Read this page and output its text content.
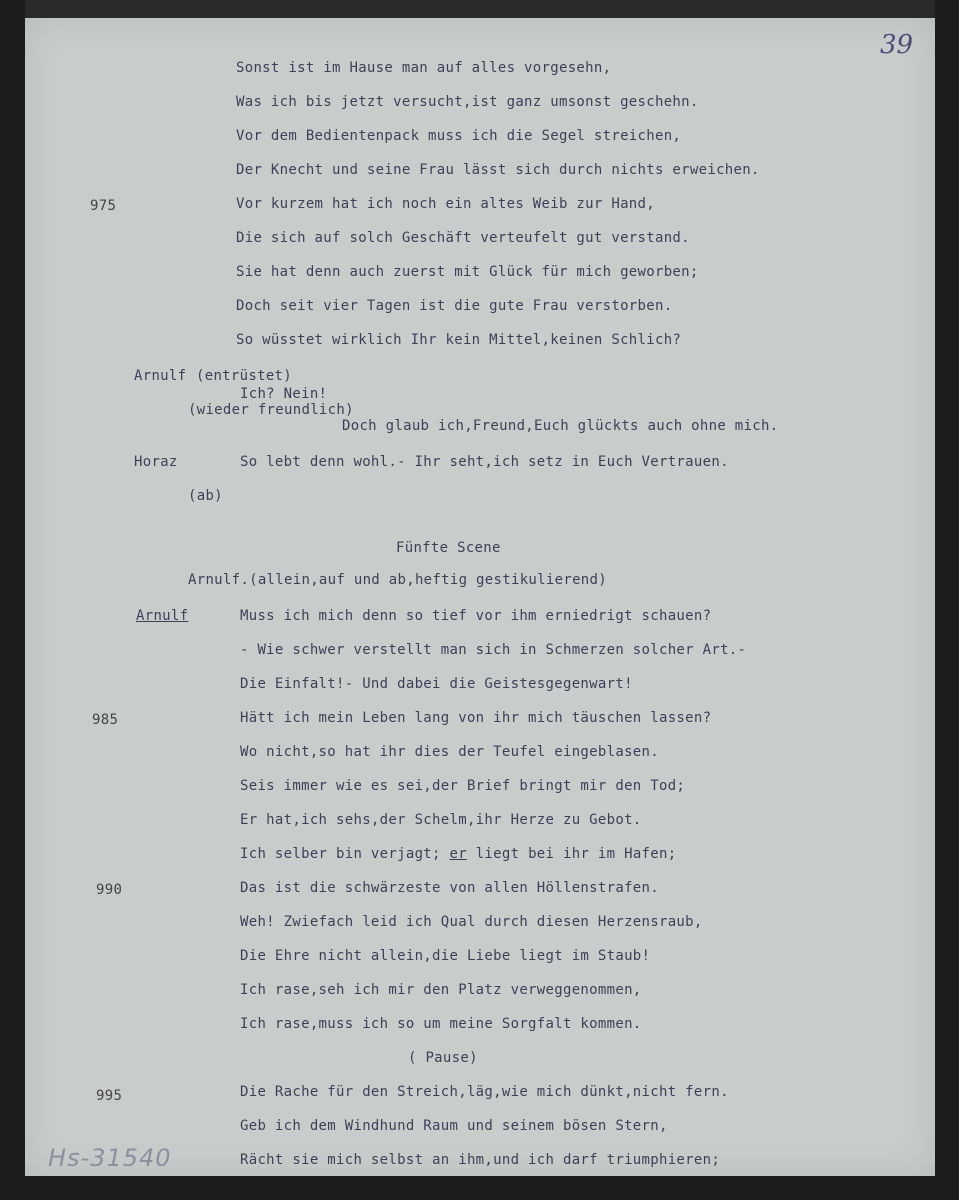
39
Sonst ist im Hause man auf alles vorgesehn,
Was ich bis jetzt versucht,ist ganz umsonst geschehn.
Vor dem Bedientenpack muss ich die Segel streichen,
Der Knecht und seine Frau lässt sich durch nichts erweichen.
975	Vor kurzem hat ich noch ein altes Weib zur Hand,
Die sich auf solch Geschäft verteufelt gut verstand.
Sie hat denn auch zuerst mit Glück für mich geworben;
Doch seit vier Tagen ist die gute Frau verstorben.
So wüsstet wirklich Ihr kein Mittel,keinen Schlich?
Arnulf (entrüstet)
Ich? Nein!
(wieder freundlich)
Doch glaub ich,Freund,Euch glückts auch ohne mich.
Horaz	So lebt denn wohl.- Ihr seht,ich setz in Euch Vertrauen.
(ab)
Fünfte Scene
Arnulf.(allein,auf und ab,heftig gestikulierend)
Arnulf	Muss ich mich denn so tief vor ihm erniedrigt schauen?
- Wie schwer verstellt man sich in Schmerzen solcher Art.-
Die Einfalt!- Und dabei die Geistesgegenwart!
985	Hätt ich mein Leben lang von ihr mich täuschen lassen?
Wo nicht,so hat ihr dies der Teufel eingeblasen.
Seis immer wie es sei,der Brief bringt mir den Tod;
Er hat,ich sehs,der Schelm,ihr Herze zu Gebot.
Ich selber bin verjagt; er liegt bei ihr im Hafen;
990	Das ist die schwärzeste von allen Höllenstrafen.
Weh! Zwiefach leid ich Qual durch diesen Herzensraub,
Die Ehre nicht allein,die Liebe liegt im Staub!
Ich rase,seh ich mir den Platz verweggenommen,
Ich rase,muss ich so um meine Sorgfalt kommen.
( Pause)
995	Die Rache für den Streich,läg,wie mich dünkt,nicht fern.
Geb ich dem Windhund Raum und seinem bösen Stern,
Rächt sie mich selbst an ihm,und ich darf triumphieren;
Hs-31540
